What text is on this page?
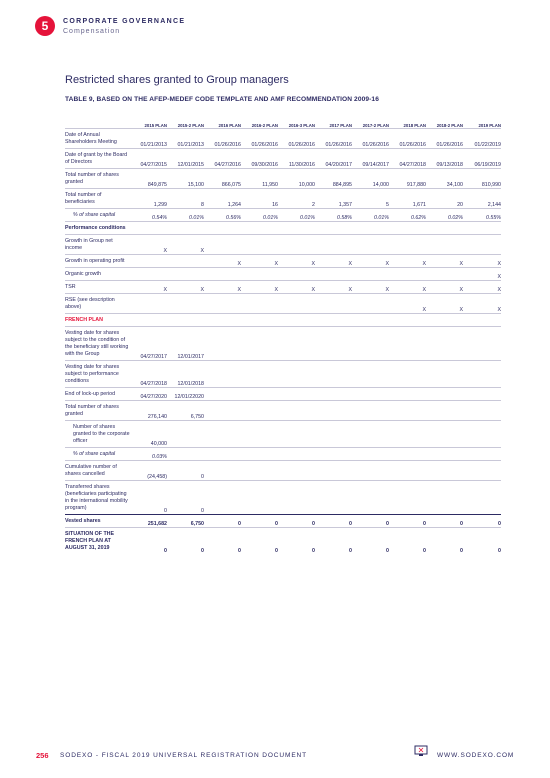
5	CORPORATE GOVERNANCE
Compensation
Restricted shares granted to Group managers
TABLE 9, BASED ON THE AFEP-MEDEF CODE TEMPLATE AND AMF RECOMMENDATION 2009-16
	2015 PLAN	2015-2 PLAN	2016 PLAN	2016-2 PLAN	2016-3 PLAN	2017 PLAN	2017-2 PLAN	2018 PLAN	2018-2 PLAN	2019 PLAN
Date of Annual Shareholders Meeting	01/21/2013	01/21/2013	01/26/2016	01/26/2016	01/26/2016	01/26/2016	01/26/2016	01/26/2016	01/26/2016	01/22/2019
Date of grant by the Board of Directors	04/27/2015	12/01/2015	04/27/2016	09/30/2016	11/30/2016	04/20/2017	09/14/2017	04/27/2018	09/13/2018	06/19/2019
Total number of shares granted	849,875	15,100	866,075	11,950	10,000	884,895	14,000	917,880	34,100	810,990
Total number of beneficiaries	1,299	8	1,264	16	2	1,357	5	1,671	20	2,144
% of share capital	0.54%	0.01%	0.56%	0.01%	0.01%	0.58%	0.01%	0.62%	0.02%	0.55%
Performance conditions										
Growth in Group net income	X	X								
Growth in operating profit			X	X	X	X	X	X	X	X
Organic growth										X
TSR	X	X	X	X	X	X	X	X	X	X
RSE (see description above)								X	X	X
FRENCH PLAN										
Vesting date for shares subject to the condition of the beneficiary still working with the Group	04/27/2017	12/01/2017								
Vesting date for shares subject to performance conditions	04/27/2018	12/01/2018								
End of lock-up period	04/27/2020	12/01/22020								
Total number of shares granted	276,140	6,750								
Number of shares granted to the corporate officer	40,000									
% of share capital	0.03%									
Cumulative number of shares cancelled	(24,458)	0								
Transferred shares (beneficiaries participating in the international mobility program)	0	0								
Vested shares	251,682	6,750	0	0	0	0	0	0	0	0
SITUATION OF THE FRENCH PLAN AT AUGUST 31, 2019	0	0	0	0	0	0	0	0	0	0
256 SODEXO - FISCAL 2019 UNIVERSAL REGISTRATION DOCUMENT	WWW.SODEXO.COM
